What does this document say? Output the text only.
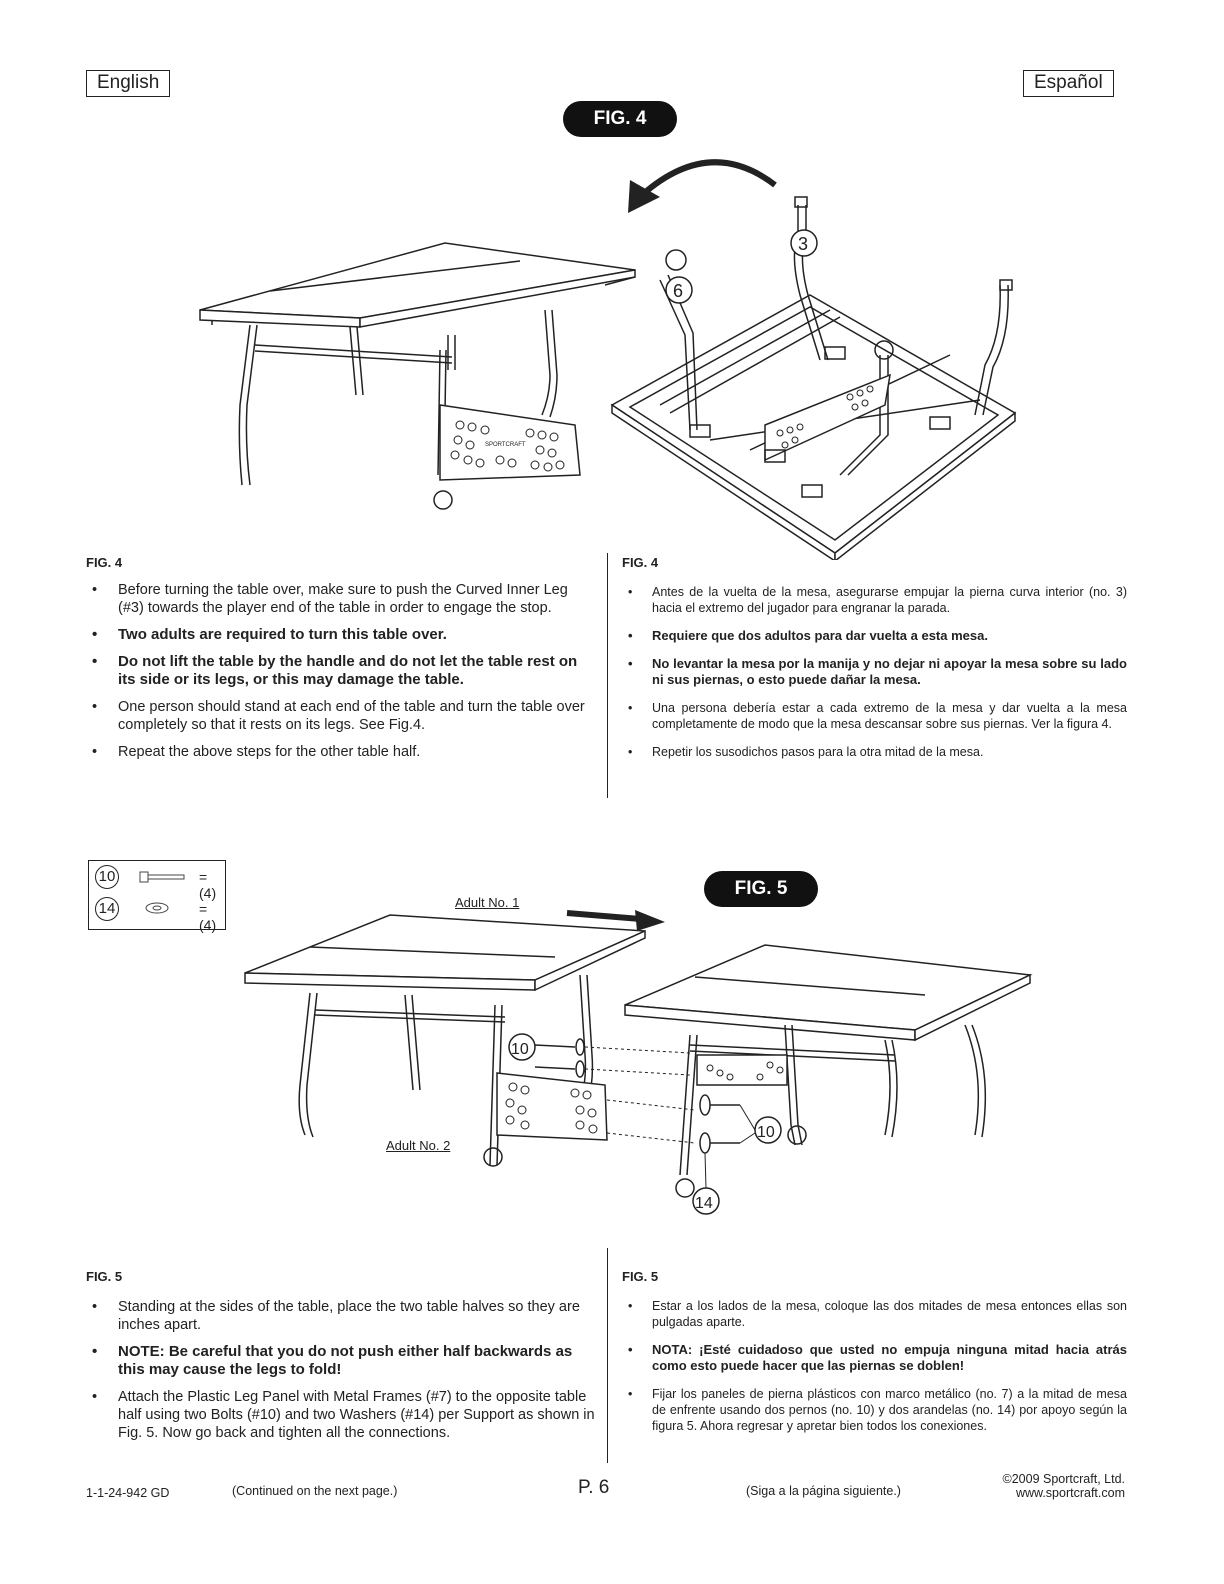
English	Español
FIG. 4
SPORTCRAFT
3
6
FIG. 4
• Before turning the table over, make sure to push the Curved Inner Leg (#3) towards the player end of the table in order to engage the stop.
• Two adults are required to turn this table over.
• Do not lift the table by the handle and do not let the table rest on its side or its legs, or this may damage the table.
• One person should stand at each end of the table and turn the table over completely so that it rests on its legs. See Fig.4.
• Repeat the above steps for the other table half.
FIG. 4
• Antes de la vuelta de la mesa, asegurarse empujar la pierna curva interior (no. 3) hacia el extremo del jugador para engranar la parada.
• Requiere que dos adultos para dar vuelta a esta mesa.
• No levantar la mesa por la manija y no dejar ni apoyar la mesa sobre su lado ni sus piernas, o esto puede dañar la mesa.
• Una persona debería estar a cada extremo de la mesa y dar vuelta a la mesa completamente de modo que la mesa descansar sobre sus piernas. Ver la figura 4.
• Repetir los susodichos pasos para la otra mitad de la mesa.
10	= (4)
14	= (4)
FIG. 5
Adult No. 1
Adult No. 2
10
10
14
FIG. 5
• Standing at the sides of the table, place the two table halves so they are inches apart.
• NOTE: Be careful that you do not push either half backwards as this may cause the legs to fold!
• Attach the Plastic Leg Panel with Metal Frames (#7) to the opposite table half using two Bolts (#10) and two Washers (#14) per Support as shown in Fig. 5. Now go back and tighten all the connections.
FIG. 5
• Estar a los lados de la mesa, coloque las dos mitades de mesa entonces ellas son pulgadas aparte.
• NOTA: ¡Esté cuidadoso que usted no empuja ninguna mitad hacia atrás como esto puede hacer que las piernas se doblen!
• Fijar los paneles de pierna plásticos con marco metálico (no. 7) a la mitad de mesa de enfrente usando dos pernos (no. 10) y dos arandelas (no. 14) por apoyo según la figura 5. Ahora regresar y apretar bien todos los conexiones.
1-1-24-942 GD	(Continued on the next page.)	P. 6	(Siga a la página siguiente.)
©2009 Sportcraft, Ltd.
www.sportcraft.com
